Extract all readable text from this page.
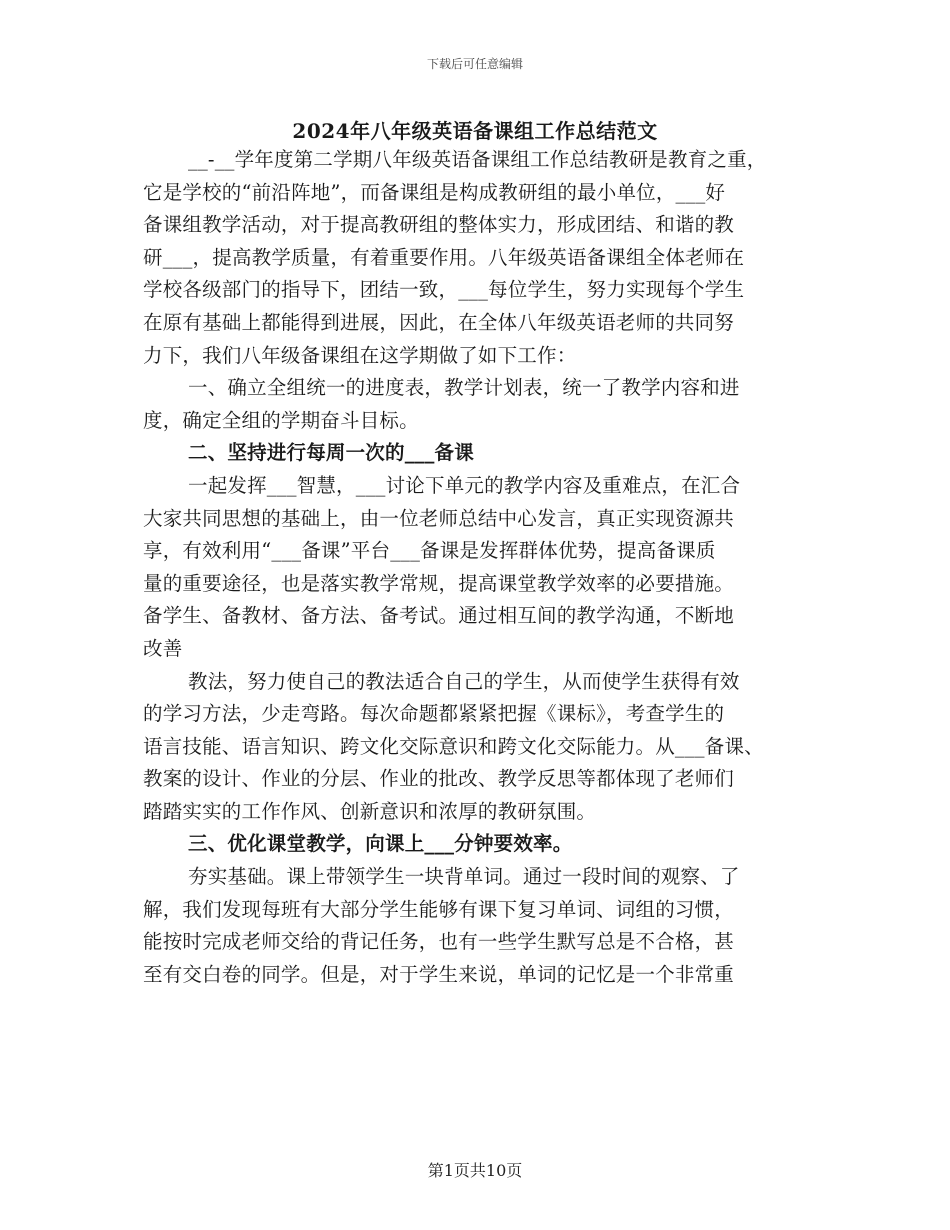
下载后可任意编辑
2024年八年级英语备课组工作总结范文
__-__学年度第二学期八年级英语备课组工作总结教研是教育之重，
它是学校的“前沿阵地”，而备课组是构成教研组的最小单位，___好
备课组教学活动，对于提高教研组的整体实力，形成团结、和谐的教
研___，提高教学质量，有着重要作用。八年级英语备课组全体老师在
学校各级部门的指导下，团结一致，___每位学生，努力实现每个学生
在原有基础上都能得到进展，因此，在全体八年级英语老师的共同努
力下，我们八年级备课组在这学期做了如下工作：
一、确立全组统一的进度表，教学计划表，统一了教学内容和进
度，确定全组的学期奋斗目标。
二、坚持进行每周一次的___备课
一起发挥___智慧，___讨论下单元的教学内容及重难点，在汇合
大家共同思想的基础上，由一位老师总结中心发言，真正实现资源共
享，有效利用“___备课”平台___备课是发挥群体优势，提高备课质
量的重要途径，也是落实教学常规，提高课堂教学效率的必要措施。
备学生、备教材、备方法、备考试。通过相互间的教学沟通，不断地
改善
教法，努力使自己的教法适合自己的学生，从而使学生获得有效
的学习方法，少走弯路。每次命题都紧紧把握《课标》，考查学生的
语言技能、语言知识、跨文化交际意识和跨文化交际能力。从___备课、
教案的设计、作业的分层、作业的批改、教学反思等都体现了老师们
踏踏实实的工作作风、创新意识和浓厚的教研氛围。
三、优化课堂教学，向课上___分钟要效率。
夯实基础。课上带领学生一块背单词。通过一段时间的观察、了
解，我们发现每班有大部分学生能够有课下复习单词、词组的习惯，
能按时完成老师交给的背记任务，也有一些学生默写总是不合格，甚
至有交白卷的同学。但是，对于学生来说，单词的记忆是一个非常重
第1页共10页
